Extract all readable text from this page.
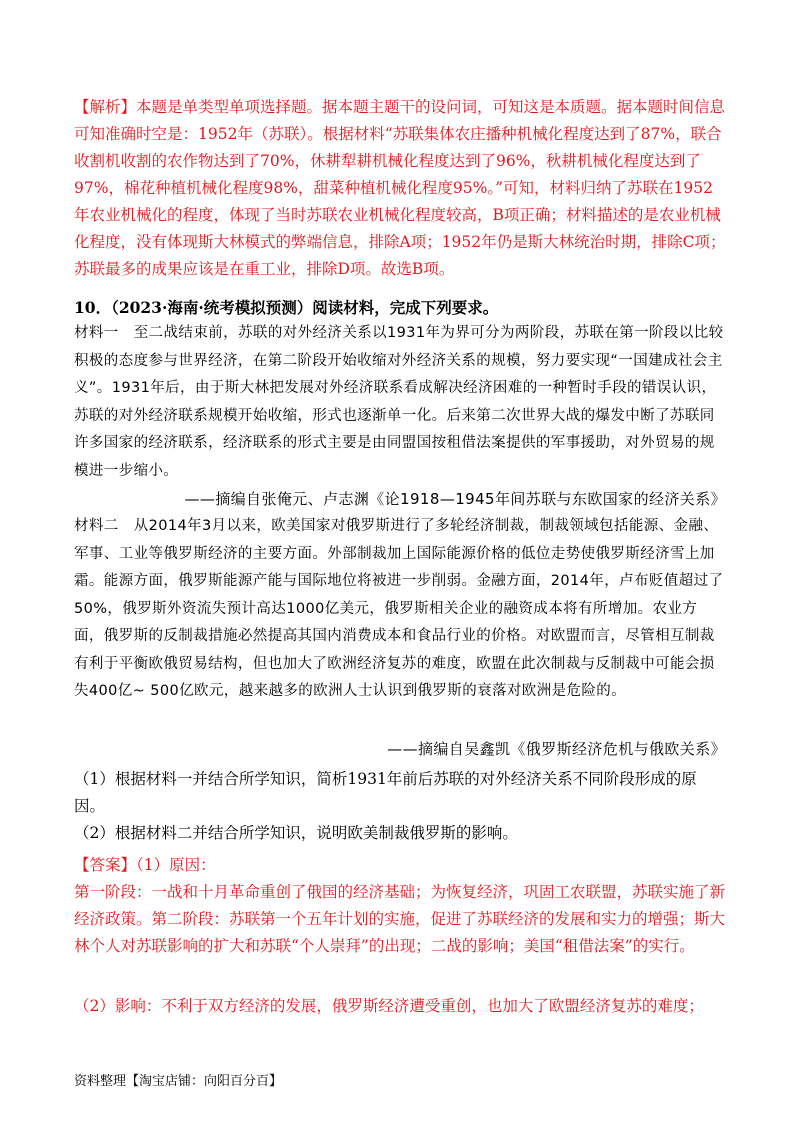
【解析】本题是单类型单项选择题。据本题主题干的设问词，可知这是本质题。据本题时间信息可知准确时空是：1952年（苏联）。根据材料“苏联集体农庄播种机械化程度达到了87%，联合收割机收割的农作物达到了70%，休耕犁耕机械化程度达到了96%，秋耕机械化程度达到了97%，棉花种植机械化程度98%，甜菜种植机械化程度95%。”可知，材料归纳了苏联在1952年农业机械化的程度，体现了当时苏联农业机械化程度较高，B项正确；材料描述的是农业机械化程度，没有体现斯大林模式的弊端信息，排除A项；1952年仍是斯大林统治时期，排除C项；苏联最多的成果应该是在重工业，排除D项。故选B项。
10．（2023·海南·统考模拟预测）阅读材料，完成下列要求。
材料一 至二战结束前，苏联的对外经济关系以1931年为界可分为两阶段，苏联在第一阶段以比较积极的态度参与世界经济，在第二阶段开始收缩对外经济关系的规模，努力要实现“一国建成社会主义”。1931年后，由于斯大林把发展对外经济联系看成解决经济困难的一种暂时手段的错误认识，苏联的对外经济联系规模开始收缩，形式也逐渐单一化。后来第二次世界大战的爆发中断了苏联同许多国家的经济联系，经济联系的形式主要是由同盟国按租借法案提供的军事援助，对外贸易的规模进一步缩小。
——摘编自张俺元、卢志渊《论1918—1945年间苏联与东欧国家的经济关系》
材料二 从2014年3月以来，欧美国家对俄罗斯进行了多轮经济制裁，制裁领域包括能源、金融、军事、工业等俄罗斯经济的主要方面。外部制裁加上国际能源价格的低位走势使俄罗斯经济雪上加霜。能源方面，俄罗斯能源产能与国际地位将被进一步削弱。金融方面，2014年，卢布贬值超过了50%，俄罗斯外资流失预计高达1000亿美元，俄罗斯相关企业的融资成本将有所增加。农业方面，俄罗斯的反制裁措施必然提高其国内消费成本和食品行业的价格。对欧盟而言，尽管相互制裁有利于平衡欧俄贸易结构，但也加大了欧洲经济复苏的难度，欧盟在此次制裁与反制裁中可能会损失400亿~ 500亿欧元，越来越多的欧洲人士认识到俄罗斯的衰落对欧洲是危险的。
——摘编自吴鑫凯《俄罗斯经济危机与俄欧关系》
（1）根据材料一并结合所学知识，简析1931年前后苏联的对外经济关系不同阶段形成的原因。
（2）根据材料二并结合所学知识，说明欧美制裁俄罗斯的影响。
【答案】（1）原因：
第一阶段：一战和十月革命重创了俄国的经济基础；为恢复经济，巩固工农联盟，苏联实施了新经济政策。第二阶段：苏联第一个五年计划的实施，促进了苏联经济的发展和实力的增强；斯大林个人对苏联影响的扩大和苏联“个人崇拜”的出现；二战的影响；美国“租借法案”的实行。
（2）影响：不利于双方经济的发展，俄罗斯经济遭受重创，也加大了欧盟经济复苏的难度；
资料整理【淘宝店铺：向阳百分百】
